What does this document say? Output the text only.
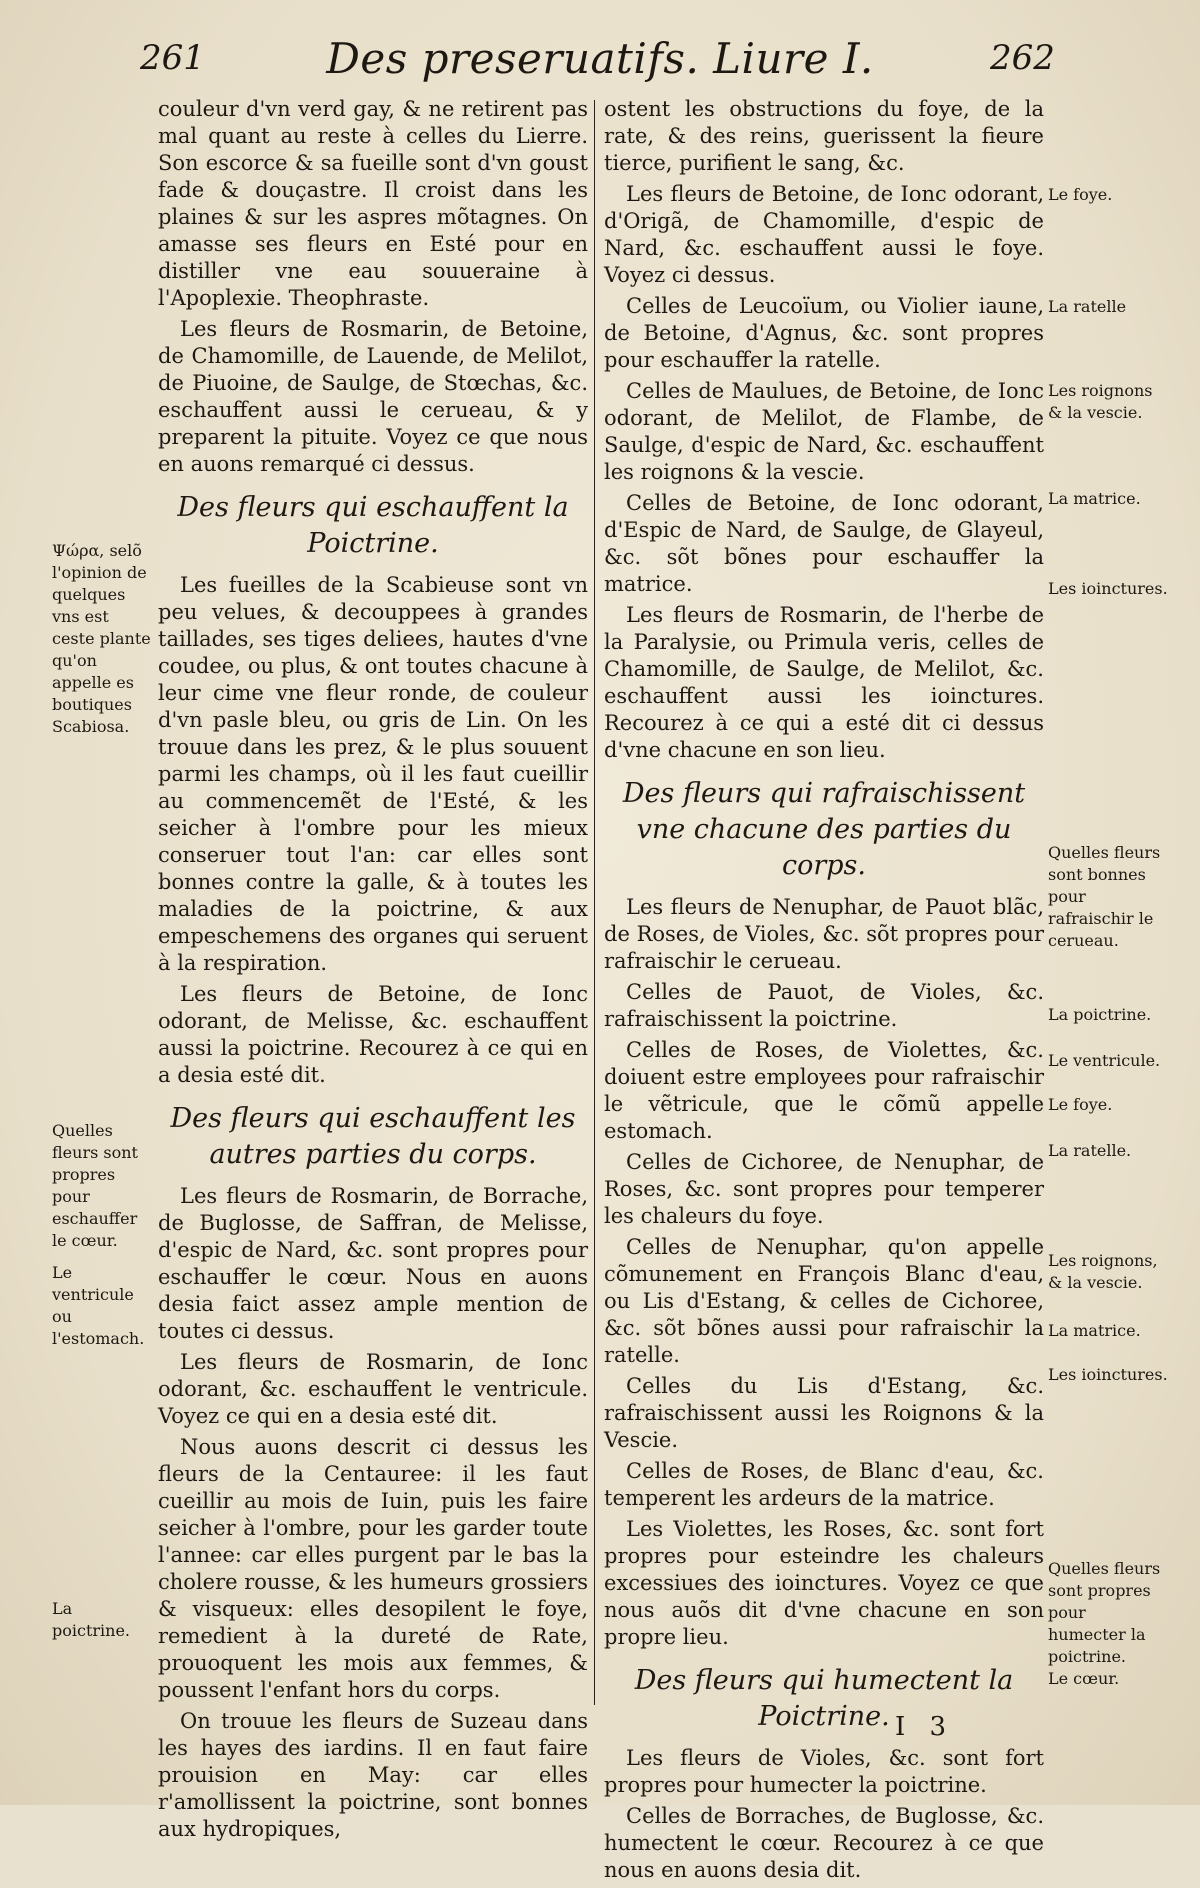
261	Des preseruatifs. Liure I.	262
Ψώρα, selõ l'opinion de quelques vns est ceste plante qu'on appelle es boutiques Scabiosa.
Quelles fleurs sont propres pour eschauffer le cœur.
Le ventricule ou l'estomach.
La poictrine.

couleur d'vn verd gay, & ne retirent pas mal quant au reste à celles du Lierre. Son escorce & sa fueille sont d'vn goust fade & douçastre. Il croist dans les plaines & sur les aspres mõtagnes. On amasse ses fleurs en Esté pour en distiller vne eau souueraine à l'Apoplexie. Theophraste.

Les fleurs de Rosmarin, de Betoine, de Chamomille, de Lauende, de Melilot, de Piuoine, de Saulge, de Stœchas, &c. eschauffent aussi le cerueau, & y preparent la pituite. Voyez ce que nous en auons remarqué ci dessus.

Des fleurs qui eschauffent la Poictrine.

Les fueilles de la Scabieuse sont vn peu velues, & decouppees à grandes taillades, ses tiges deliees, hautes d'vne coudee, ou plus, & ont toutes chacune à leur cime vne fleur ronde, de couleur d'vn pasle bleu, ou gris de Lin. On les trouue dans les prez, & le plus souuent parmi les champs, où il les faut cueillir au commencemẽt de l'Esté, & les seicher à l'ombre pour les mieux conseruer tout l'an: car elles sont bonnes contre la galle, & à toutes les maladies de la poictrine, & aux empeschemens des organes qui seruent à la respiration.

Les fleurs de Betoine, de Ionc odorant, de Melisse, &c. eschauffent aussi la poictrine. Recourez à ce qui en a desia esté dit.

Des fleurs qui eschauffent les autres parties du corps.

Les fleurs de Rosmarin, de Borrache, de Buglosse, de Saffran, de Melisse, d'espic de Nard, &c. sont propres pour eschauffer le cœur. Nous en auons desia faict assez ample mention de toutes ci dessus.

Les fleurs de Rosmarin, de Ionc odorant, &c. eschauffent le ventricule. Voyez ce qui en a desia esté dit.

Nous auons descrit ci dessus les fleurs de la Centauree: il les faut cueillir au mois de Iuin, puis les faire seicher à l'ombre, pour les garder toute l'annee: car elles purgent par le bas la cholere rousse, & les humeurs grossiers & visqueux: elles desopilent le foye, remedient à la dureté de Rate, prouoquent les mois aux femmes, & poussent l'enfant hors du corps.

On trouue les fleurs de Suzeau dans les hayes des iardins. Il en faut faire prouision en May: car elles r'amollissent la poictrine, sont bonnes aux hydropiques,

ostent les obstructions du foye, de la rate, & des reins, guerissent la fieure tierce, purifient le sang, &c.

Les fleurs de Betoine, de Ionc odorant, d'Origã, de Chamomille, d'espic de Nard, &c. eschauffent aussi le foye. Voyez ci dessus.

Celles de Leucoïum, ou Violier iaune, de Betoine, d'Agnus, &c. sont propres pour eschauffer la ratelle.

Celles de Maulues, de Betoine, de Ionc odorant, de Melilot, de Flambe, de Saulge, d'espic de Nard, &c. eschauffent les roignons & la vescie.

Celles de Betoine, de Ionc odorant, d'Espic de Nard, de Saulge, de Glayeul, &c. sõt bõnes pour eschauffer la matrice.

Les fleurs de Rosmarin, de l'herbe de la Paralysie, ou Primula veris, celles de Chamomille, de Saulge, de Melilot, &c. eschauffent aussi les ioinctures. Recourez à ce qui a esté dit ci dessus d'vne chacune en son lieu.

Des fleurs qui rafraischissent vne chacune des parties du corps.

Les fleurs de Nenuphar, de Pauot blãc, de Roses, de Violes, &c. sõt propres pour rafraischir le cerueau.

Celles de Pauot, de Violes, &c. rafraischissent la poictrine.

Celles de Roses, de Violettes, &c. doiuent estre employees pour rafraischir le vẽtricule, que le cõmũ appelle estomach.

Celles de Cichoree, de Nenuphar, de Roses, &c. sont propres pour temperer les chaleurs du foye.

Celles de Nenuphar, qu'on appelle cõmunement en François Blanc d'eau, ou Lis d'Estang, & celles de Cichoree, &c. sõt bõnes aussi pour rafraischir la ratelle.

Celles du Lis d'Estang, &c. rafraischissent aussi les Roignons & la Vescie.

Celles de Roses, de Blanc d'eau, &c. temperent les ardeurs de la matrice.

Les Violettes, les Roses, &c. sont fort propres pour esteindre les chaleurs excessiues des ioinctures. Voyez ce que nous auõs dit d'vne chacune en son propre lieu.

Des fleurs qui humectent la Poictrine.

Les fleurs de Violes, &c. sont fort propres pour humecter la poictrine.

Celles de Borraches, de Buglosse, &c. humectent le cœur. Recourez à ce que nous en auons desia dit.

Le foye.
La ratelle
Les roignons & la vescie.
La matrice.
Les ioinctures.
Quelles fleurs sont bonnes pour rafraischir le cerueau.
La poictrine.
Le ventricule.
Le foye.
La ratelle.
Les roignons, & la vescie.
La matrice.
Les ioinctures.
Quelles fleurs sont propres pour humecter la poictrine.
Le cœur.
I 3
